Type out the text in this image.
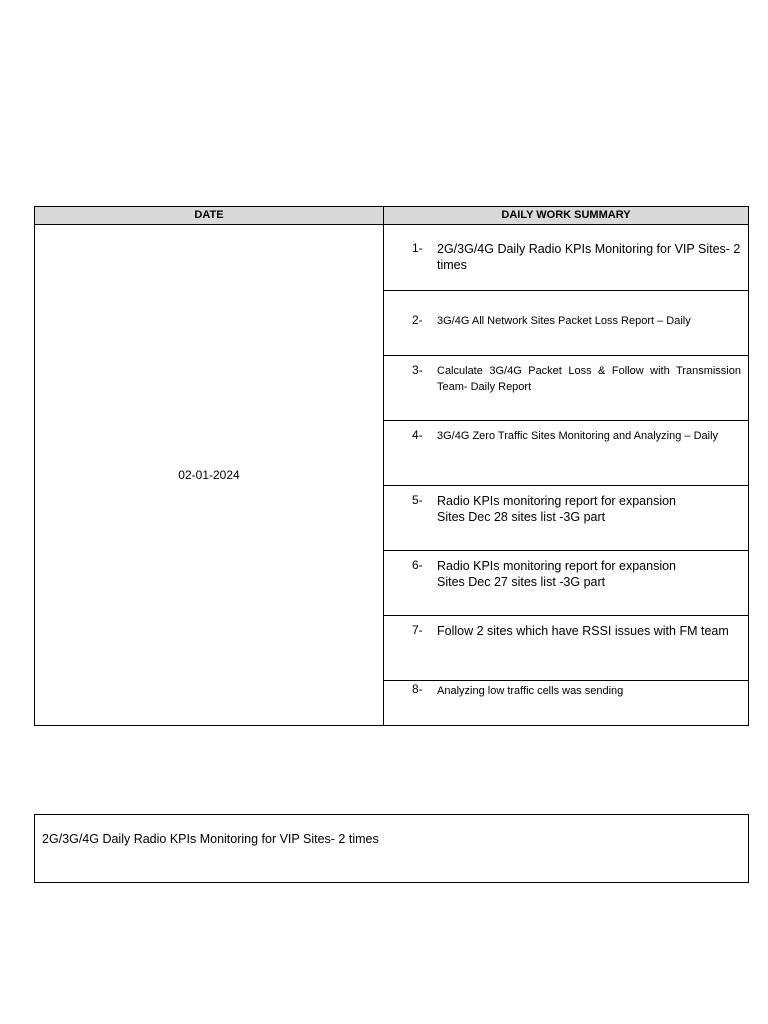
DATE	DAILY WORK SUMMARY
02-01-2024
1-	2G/3G/4G Daily Radio KPIs Monitoring for VIP Sites- 2 times
2-	3G/4G All Network Sites Packet Loss Report – Daily
3-	Calculate 3G/4G Packet Loss & Follow with Transmission Team- Daily Report
4-	3G/4G Zero Traffic Sites Monitoring and Analyzing – Daily
5-	Radio KPIs monitoring report for expansion Sites Dec 28 sites list -3G part
6-	Radio KPIs monitoring report for expansion Sites Dec 27 sites list -3G part
7-	Follow 2 sites which have RSSI issues with FM team
8-	Analyzing low traffic cells was sending
2G/3G/4G Daily Radio KPIs Monitoring for VIP Sites- 2 times
